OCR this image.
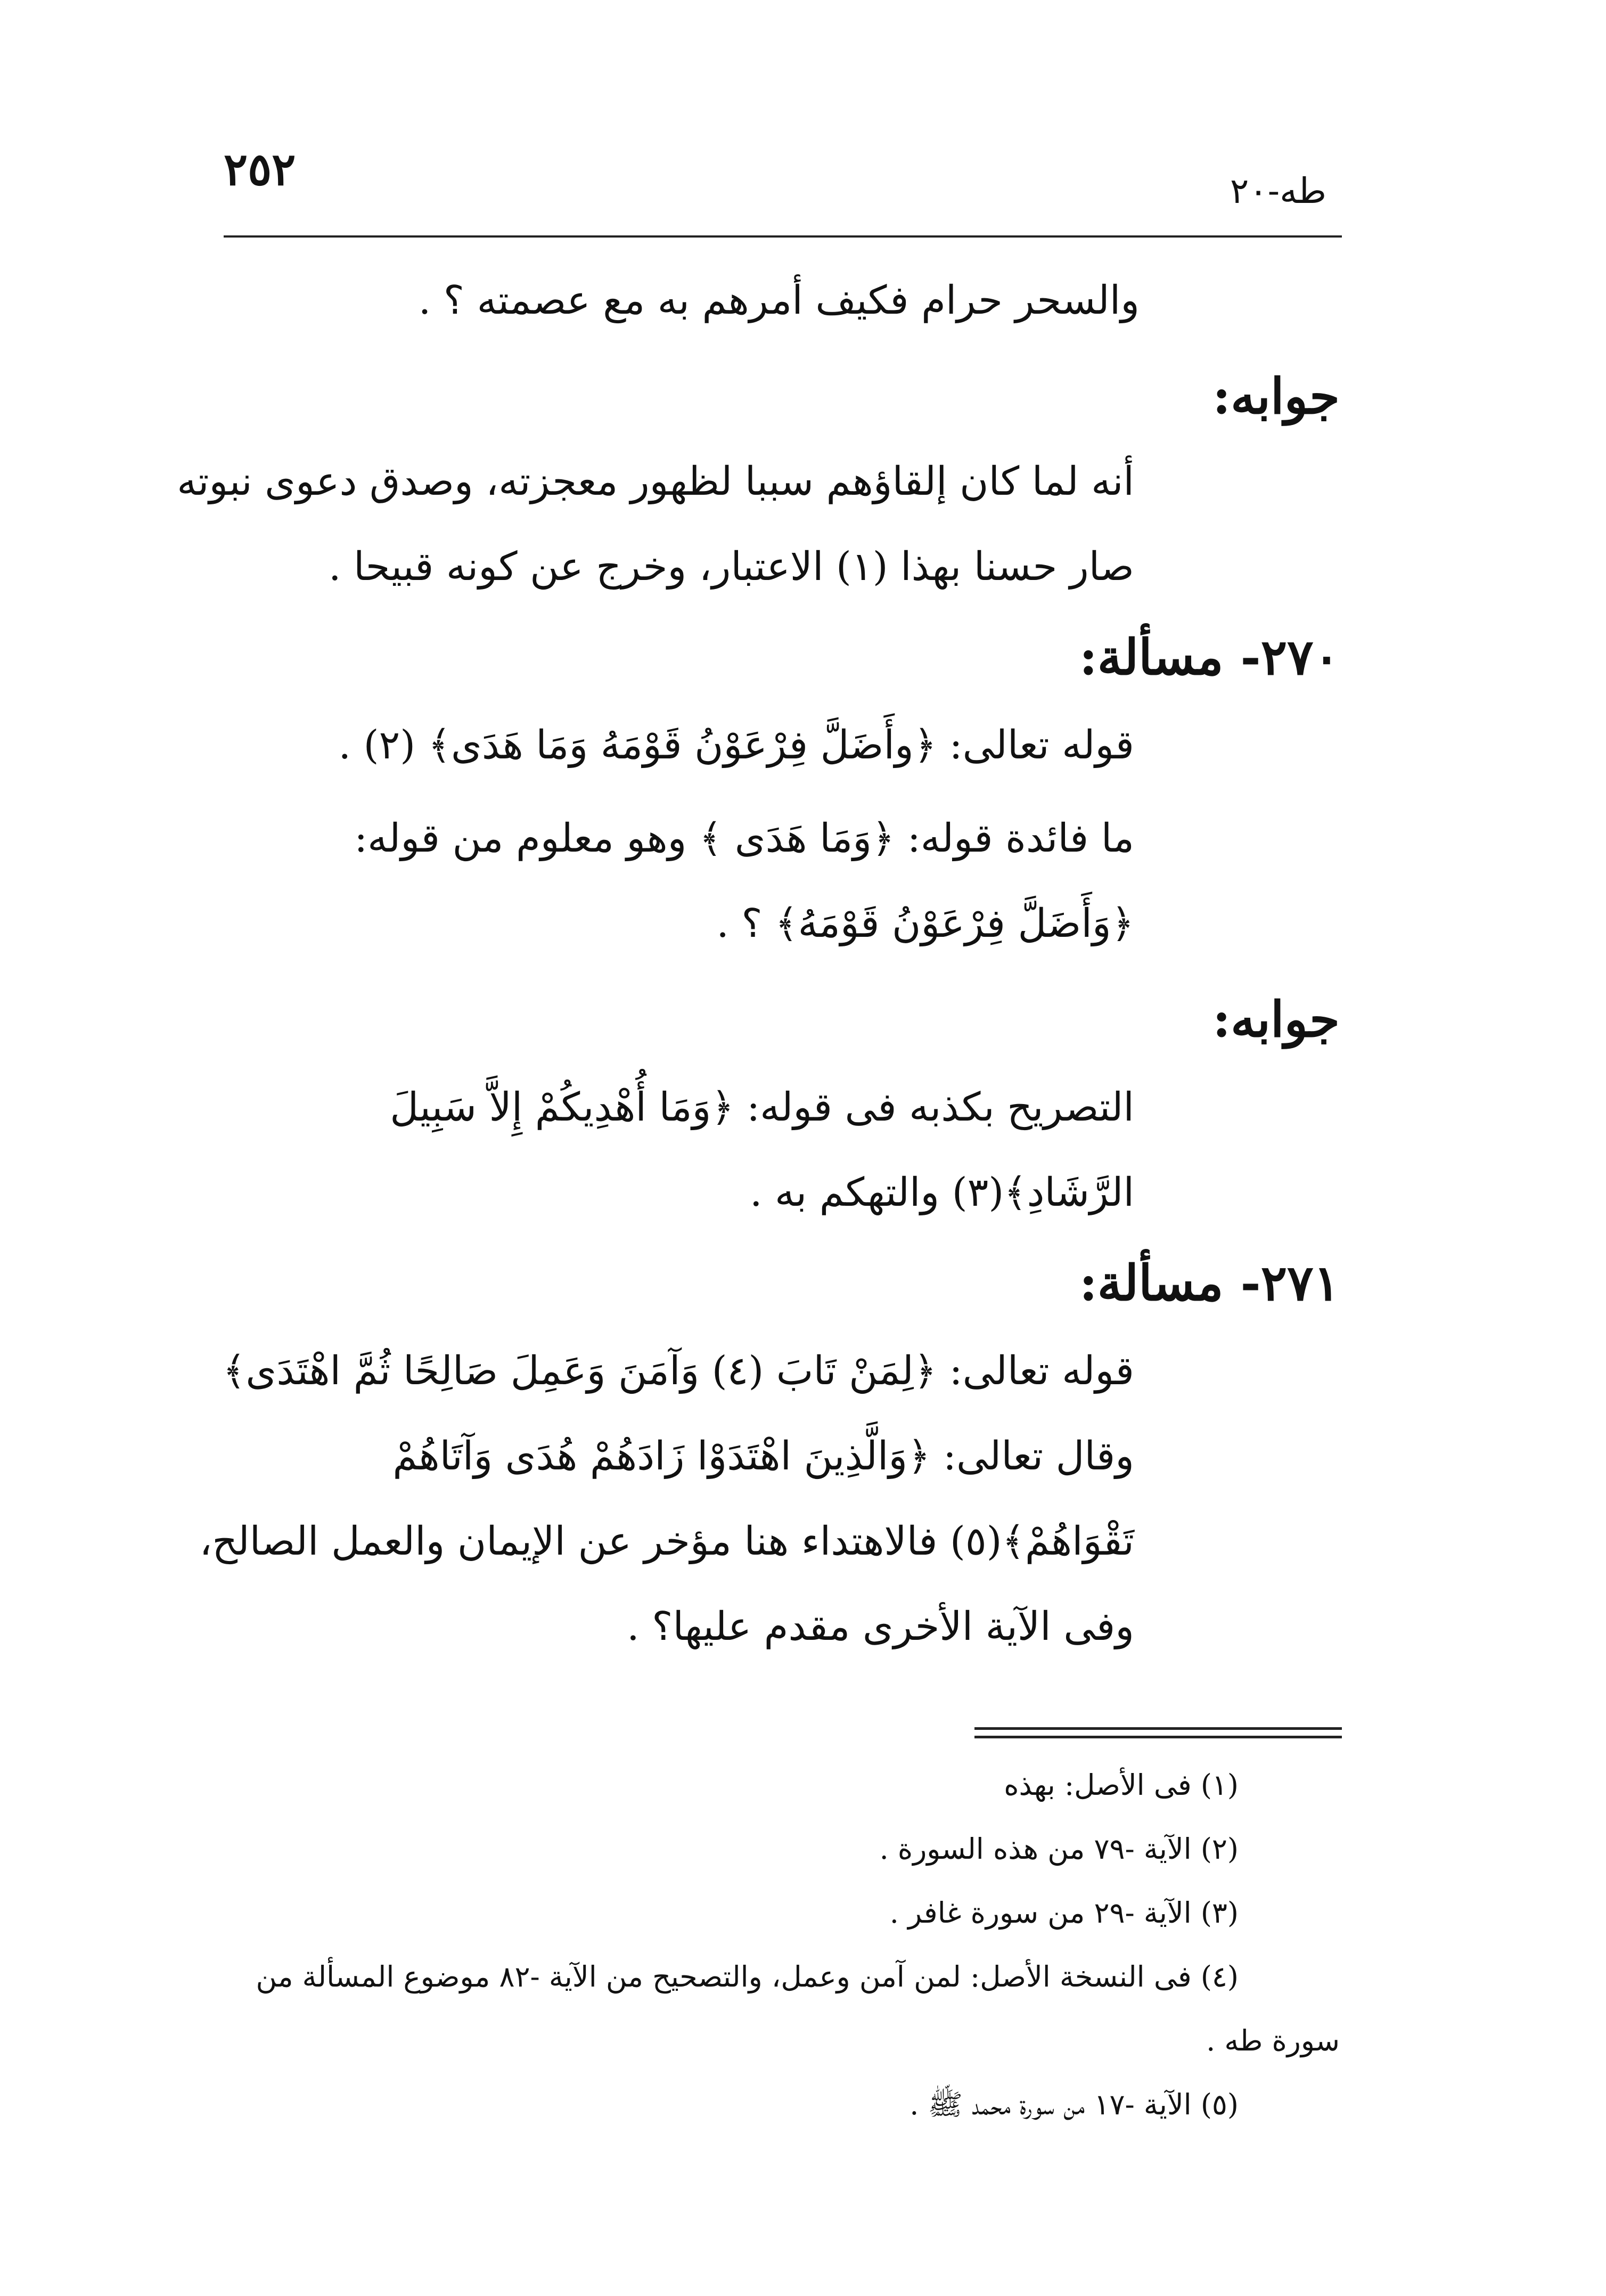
٢٥٢	طه-٢٠
والسحر حرام فكيف أمرهم به مع عصمته ؟ .
جوابه:
أنه لما كان إلقاؤهم سببا لظهور معجزته، وصدق دعوى نبوته
صار حسنا بهذا (١) الاعتبار، وخرج عن كونه قبيحا .
٢٧٠- مسألة:
قوله تعالى: ﴿وأَضَلَّ فِرْعَوْنُ قَوْمَهُ وَمَا هَدَى﴾ (٢) .
ما فائدة قوله: ﴿وَمَا هَدَى ﴾ وهو معلوم من قوله:
﴿وَأَضَلَّ فِرْعَوْنُ قَوْمَهُ﴾ ؟ .
جوابه:
التصريح بكذبه فى قوله: ﴿وَمَا أُهْدِيكُمْ إِلاَّ سَبِيلَ
الرَّشَادِ﴾(٣) والتهكم به .
٢٧١- مسألة:
قوله تعالى: ﴿لِمَنْ تَابَ (٤) وَآمَنَ وَعَمِلَ صَالِحًا ثُمَّ اهْتَدَى﴾
وقال تعالى: ﴿وَالَّذِينَ اهْتَدَوْا زَادَهُمْ هُدَى وَآتَاهُمْ
تَقْوَاهُمْ﴾(٥) فالاهتداء هنا مؤخر عن الإيمان والعمل الصالح،
وفى الآية الأخرى مقدم عليها؟ .
(١) فى الأصل: بهذه
(٢) الآية -٧٩ من هذه السورة .
(٣) الآية -٢٩ من سورة غافر .
(٤) فى النسخة الأصل: لمن آمن وعمل، والتصحيح من الآية -٨٢ موضوع المسألة من
سورة طه .
(٥) الآية -١٧ من سورة محمد ﷺ .
